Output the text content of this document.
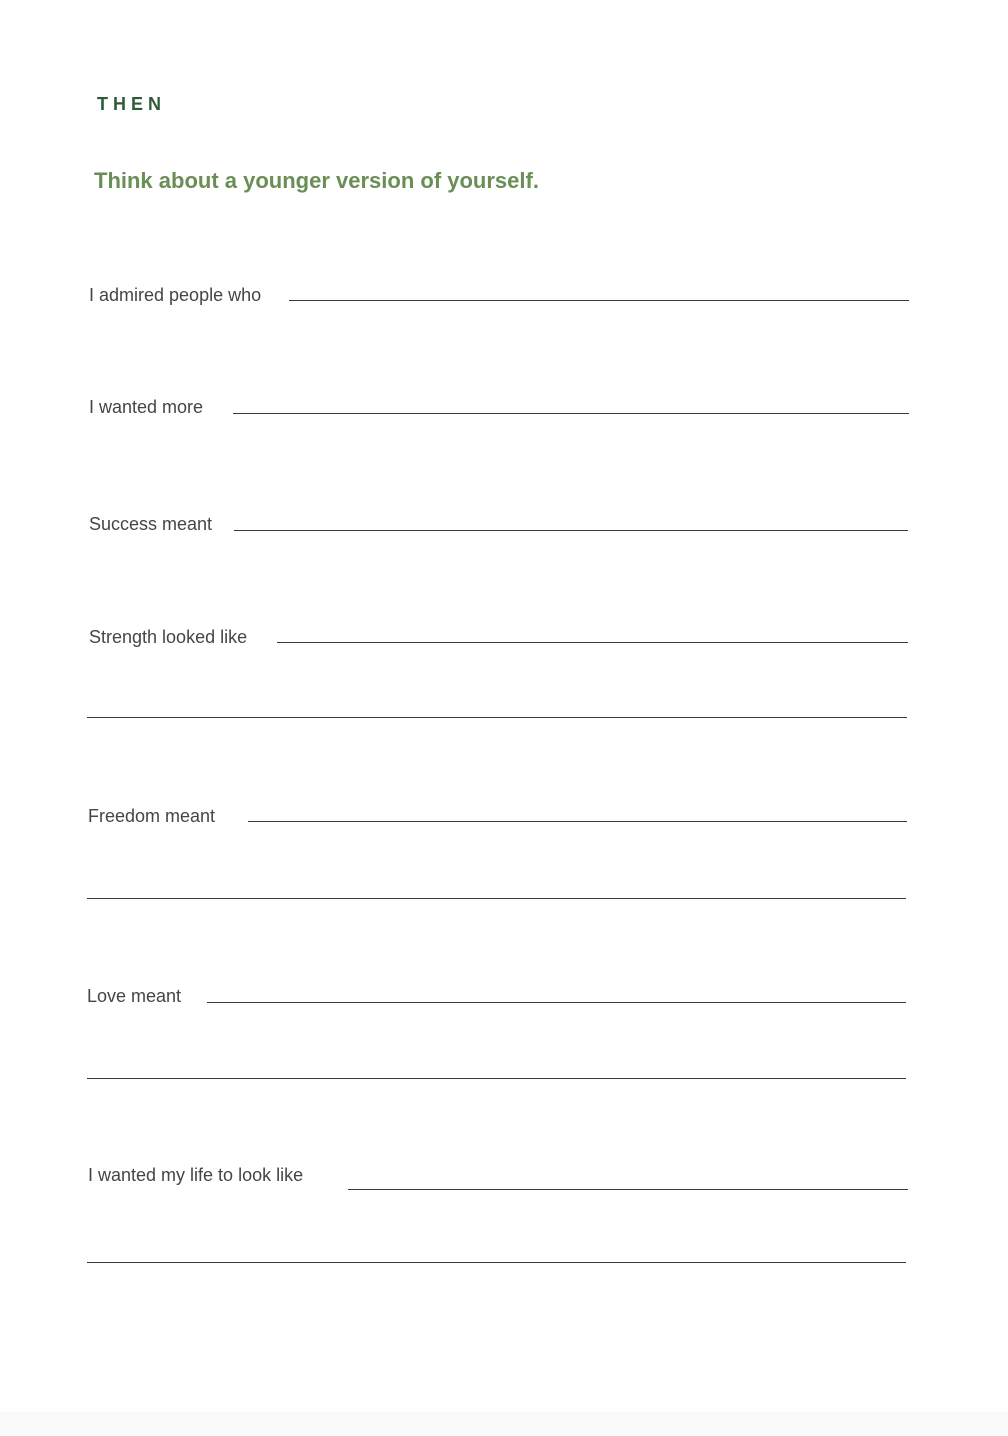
THEN
Think about a younger version of yourself.
I admired people who
I wanted more
Success meant
Strength looked like
Freedom meant
Love meant
I wanted my life to look like
